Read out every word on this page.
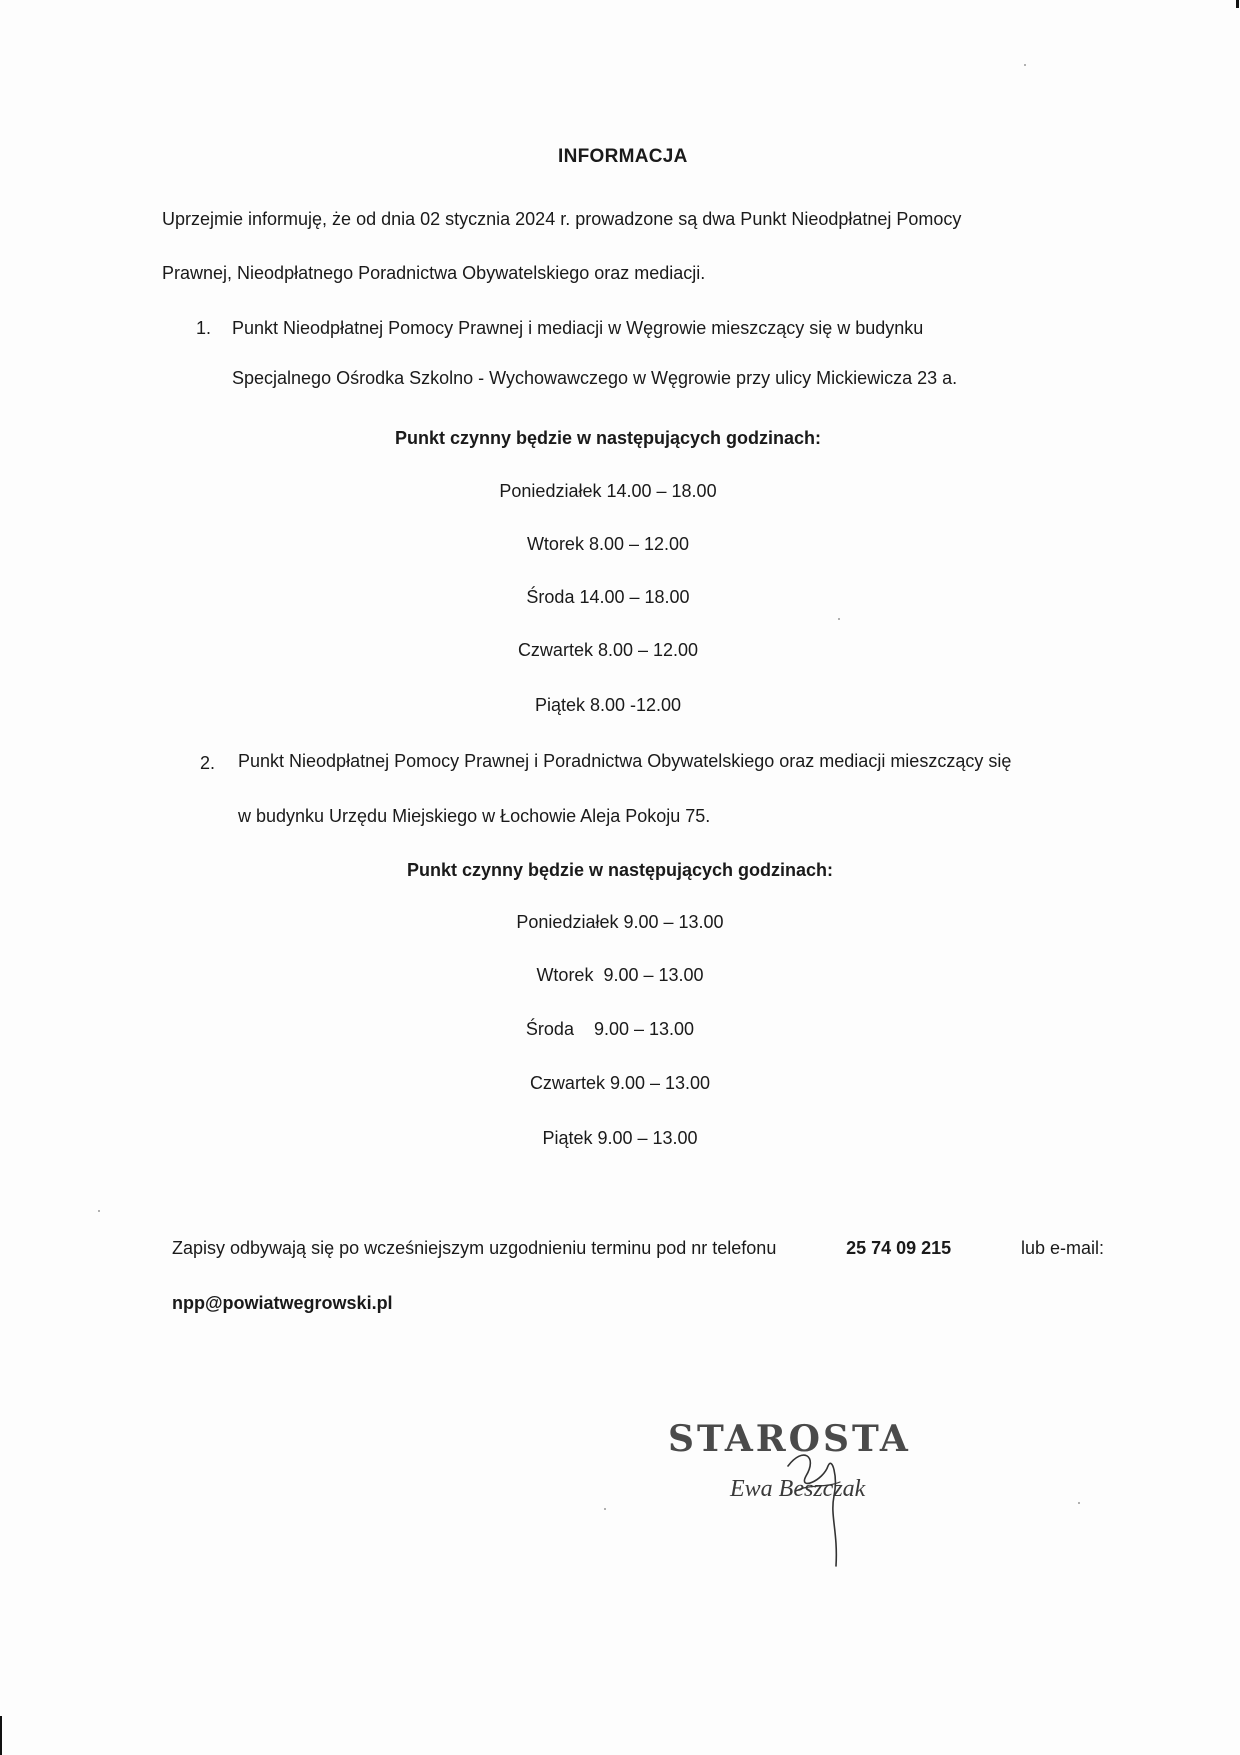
INFORMACJA
Uprzejmie informuję, że od dnia 02 stycznia 2024 r. prowadzone są dwa Punkt Nieodpłatnej Pomocy
Prawnej, Nieodpłatnego Poradnictwa Obywatelskiego oraz mediacji.
1. Punkt Nieodpłatnej Pomocy Prawnej i mediacji w Węgrowie mieszczący się w budynku
Specjalnego Ośrodka Szkolno - Wychowawczego w Węgrowie przy ulicy Mickiewicza 23 a.
Punkt czynny będzie w następujących godzinach:
Poniedziałek 14.00 – 18.00
Wtorek 8.00 – 12.00
Środa 14.00 – 18.00
Czwartek 8.00 – 12.00
Piątek 8.00 -12.00
2. Punkt Nieodpłatnej Pomocy Prawnej i Poradnictwa Obywatelskiego oraz mediacji mieszczący się
w budynku Urzędu Miejskiego w Łochowie Aleja Pokoju 75.
Punkt czynny będzie w następujących godzinach:
Poniedziałek 9.00 – 13.00
Wtorek  9.00 – 13.00
Środa    9.00 – 13.00
Czwartek 9.00 – 13.00
Piątek 9.00 – 13.00
Zapisy odbywają się po wcześniejszym uzgodnieniu terminu pod nr telefonu	25 74 09 215	lub e-mail:
npp@powiatwegrowski.pl
STAROSTA
Ewa Beszczak
